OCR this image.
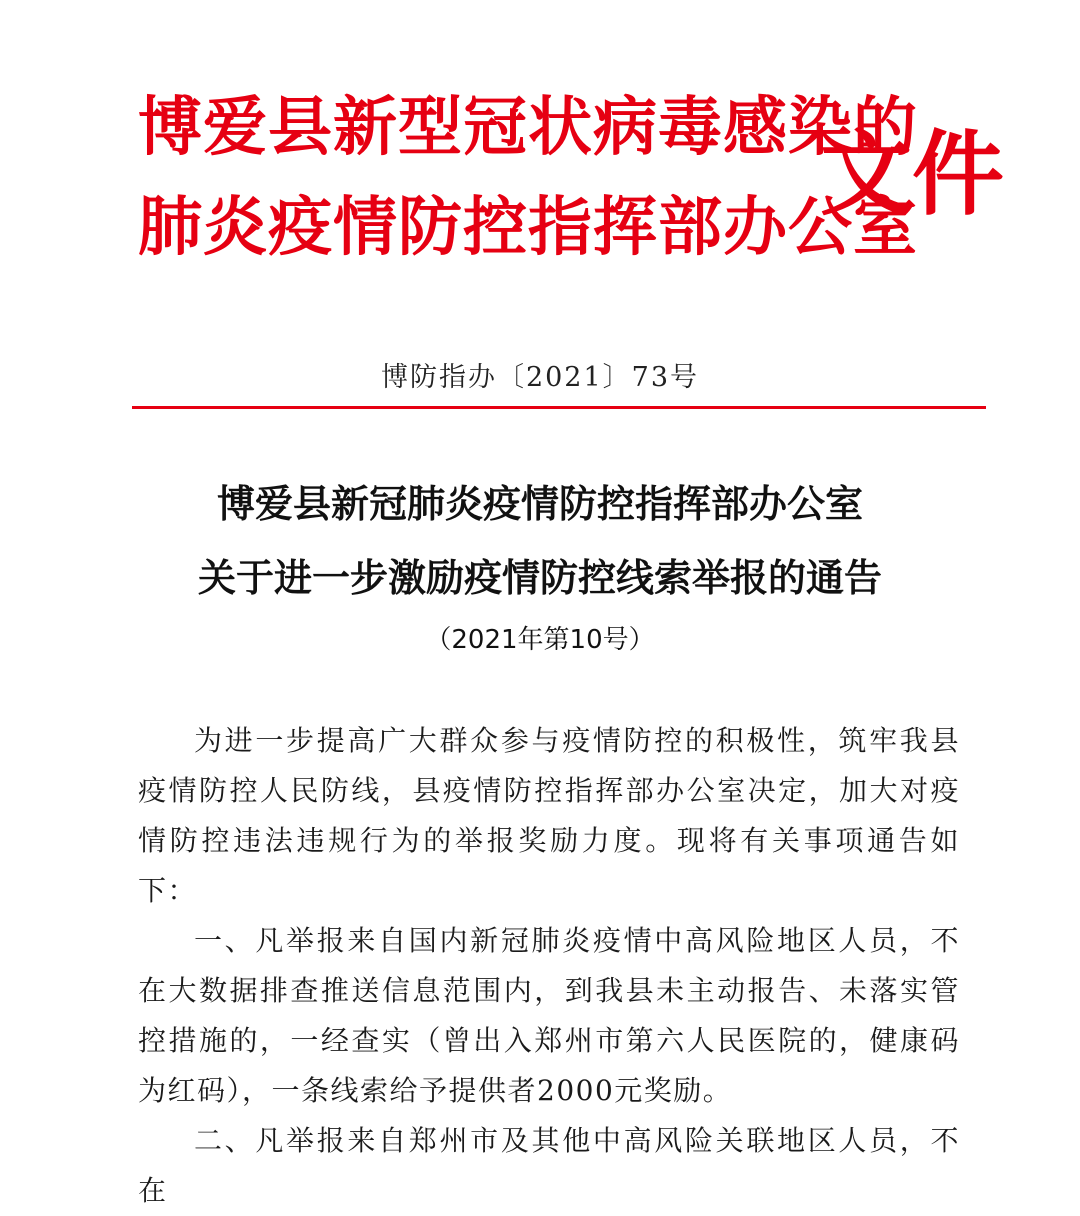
博爱县新型冠状病毒感染的
肺炎疫情防控指挥部办公室
文件
博防指办〔2021〕73号
博爱县新冠肺炎疫情防控指挥部办公室
关于进一步激励疫情防控线索举报的通告
（2021年第10号）

为进一步提高广大群众参与疫情防控的积极性，筑牢我县疫情防控人民防线，县疫情防控指挥部办公室决定，加大对疫情防控违法违规行为的举报奖励力度。现将有关事项通告如下：

一、凡举报来自国内新冠肺炎疫情中高风险地区人员，不在大数据排查推送信息范围内，到我县未主动报告、未落实管控措施的，一经查实（曾出入郑州市第六人民医院的，健康码为红码），一条线索给予提供者2000元奖励。

二、凡举报来自郑州市及其他中高风险关联地区人员，不在
